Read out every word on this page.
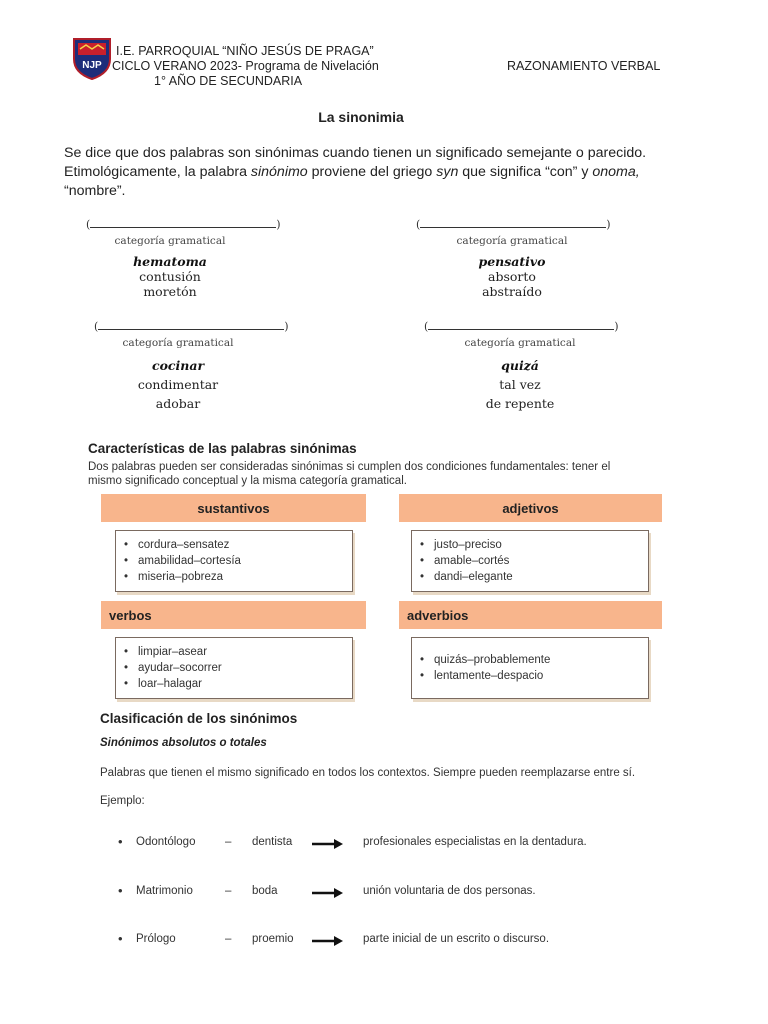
NJP
I.E. PARROQUIAL “NIÑO JESÚS DE PRAGA”
CICLO VERANO 2023- Programa de Nivelación
1° AÑO DE SECUNDARIA
RAZONAMIENTO VERBAL
La sinonimia
Se dice que dos palabras son sinónimas cuando tienen un significado semejante o parecido.
Etimológicamente, la palabra sinónimo proviene del griego syn que significa “con” y onoma,
“nombre”.
(	)
categoría gramatical
hematoma
contusión
moretón
(	)
categoría gramatical
pensativo
absorto
abstraído
(	)
categoría gramatical
cocinar
condimentar
adobar
(	)
categoría gramatical
quizá
tal vez
de repente
Características de las palabras sinónimas
Dos palabras pueden ser consideradas sinónimas si cumplen dos condiciones fundamentales: tener el
mismo significado conceptual y la misma categoría gramatical.
sustantivos
• cordura–sensatez
• amabilidad–cortesía
• miseria–pobreza
adjetivos
• justo–preciso
• amable–cortés
• dandi–elegante
verbos
• limpiar–asear
• ayudar–socorrer
• loar–halagar
adverbios
• quizás–probablemente
• lentamente–despacio
Clasificación de los sinónimos
Sinónimos absolutos o totales
Palabras que tienen el mismo significado en todos los contextos. Siempre pueden reemplazarse entre sí.
Ejemplo:
• Odontólogo	– dentista	profesionales especialistas en la dentadura.
• Matrimonio	– boda	unión voluntaria de dos personas.
• Prólogo	– proemio	parte inicial de un escrito o discurso.
